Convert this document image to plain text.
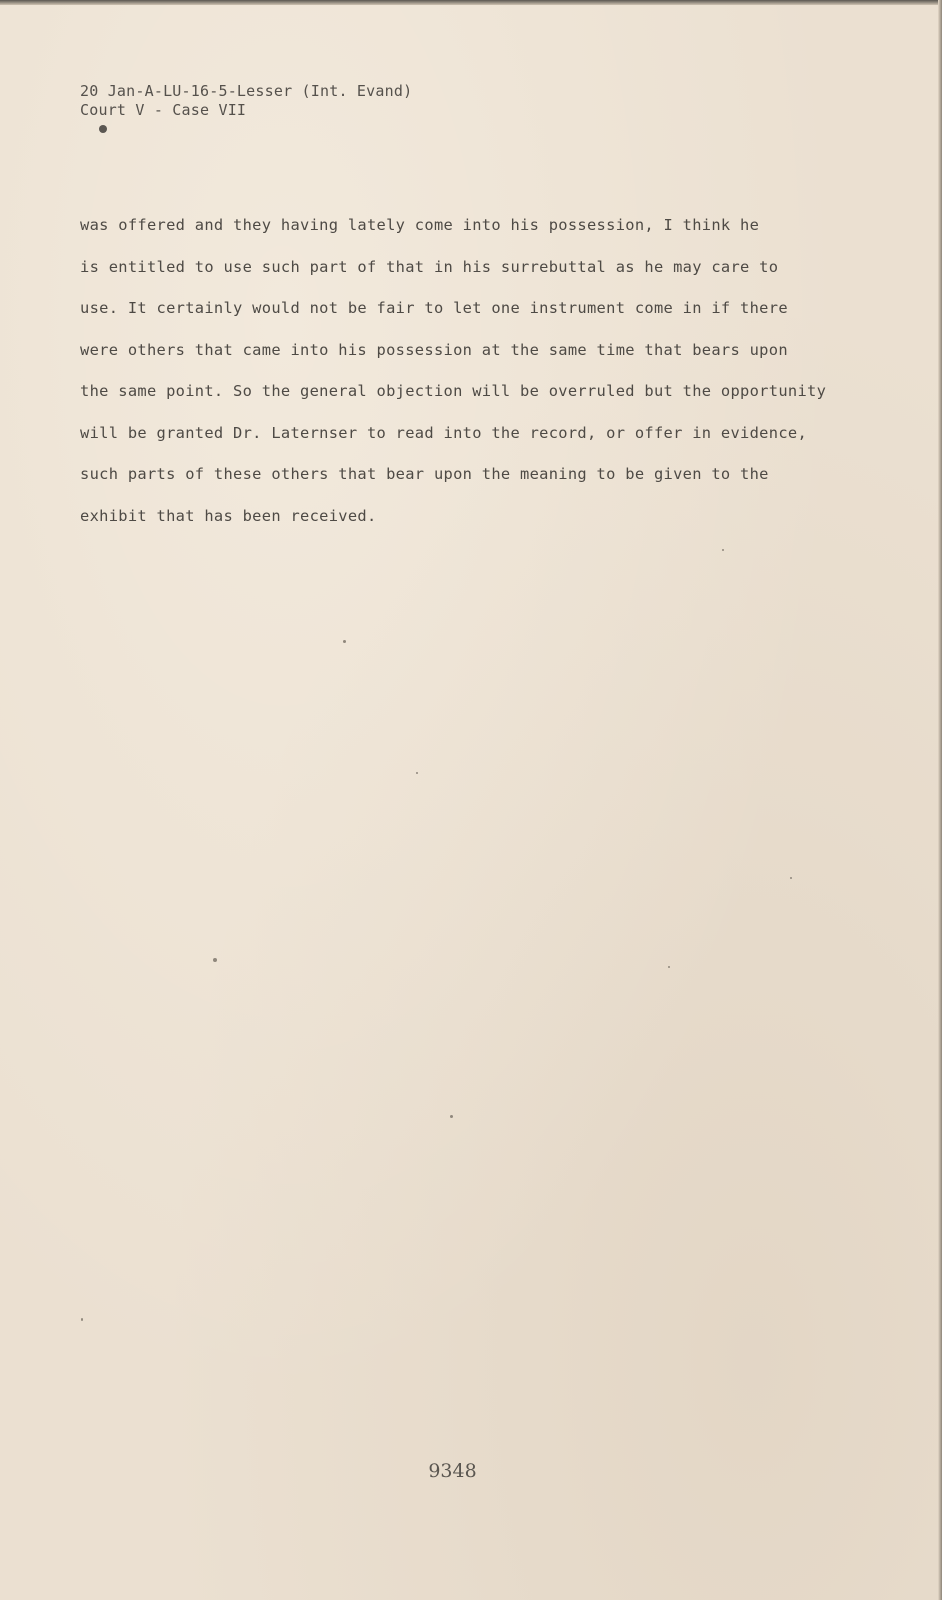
20 Jan-A-LU-16-5-Lesser (Int. Evand)
Court V - Case VII
was offered and they having lately come into his possession, I think he
is entitled to use such part of that in his surrebuttal as he may care to
use. It certainly would not be fair to let one instrument come in if there
were others that came into his possession at the same time that bears upon
the same point. So the general objection will be overruled but the opportunity
will be granted Dr. Laternser to read into the record, or offer in evidence,
such parts of these others that bear upon the meaning to be given to the
exhibit that has been received.
9348
